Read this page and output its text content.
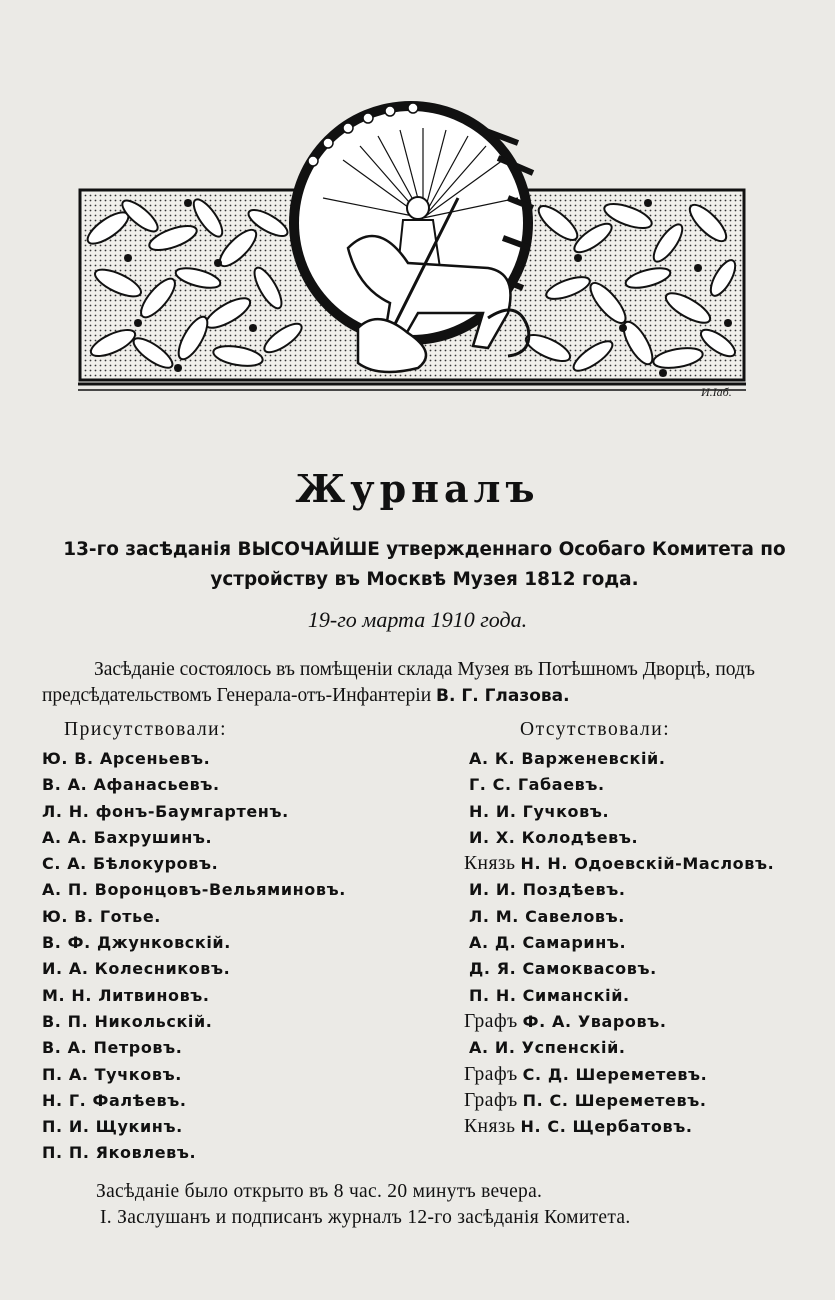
И.Іаб.
Журналъ
13-го засѣданія ВЫСОЧАЙШЕ утвержденнаго Особаго Комитета по устройству въ Москвѣ Музея 1812 года.
19-го марта 1910 года.
Засѣданіе состоялось въ помѣщеніи склада Музея въ Потѣшномъ Дворцѣ, подъ предсѣдательствомъ Генерала-отъ-Инфантеріи В. Г. Глазова.
Присутствовали:	Отсутствовали:
Ю. В. Арсеньевъ.
В. А. Афанасьевъ.
Л. Н. фонъ-Баумгартенъ.
А. А. Бахрушинъ.
С. А. Бѣлокуровъ.
А. П. Воронцовъ-Вельяминовъ.
Ю. В. Готье.
В. Ф. Джунковскій.
И. А. Колесниковъ.
М. Н. Литвиновъ.
В. П. Никольскій.
В. А. Петровъ.
П. А. Тучковъ.
Н. Г. Фалѣевъ.
П. И. Щукинъ.
П. П. Яковлевъ.
А. К. Варженевскій.
Г. С. Габаевъ.
Н. И. Гучковъ.
И. Х. Колодѣевъ.
Князь Н. Н. Одоевскій-Масловъ.
И. И. Поздѣевъ.
Л. М. Савеловъ.
А. Д. Самаринъ.
Д. Я. Самоквасовъ.
П. Н. Симанскій.
Графъ Ф. А. Уваровъ.
А. И. Успенскій.
Графъ С. Д. Шереметевъ.
Графъ П. С. Шереметевъ.
Князь Н. С. Щербатовъ.
Засѣданіе было открыто въ 8 час. 20 минутъ вечера.
I. Заслушанъ и подписанъ журналъ 12-го засѣданія Комитета.
